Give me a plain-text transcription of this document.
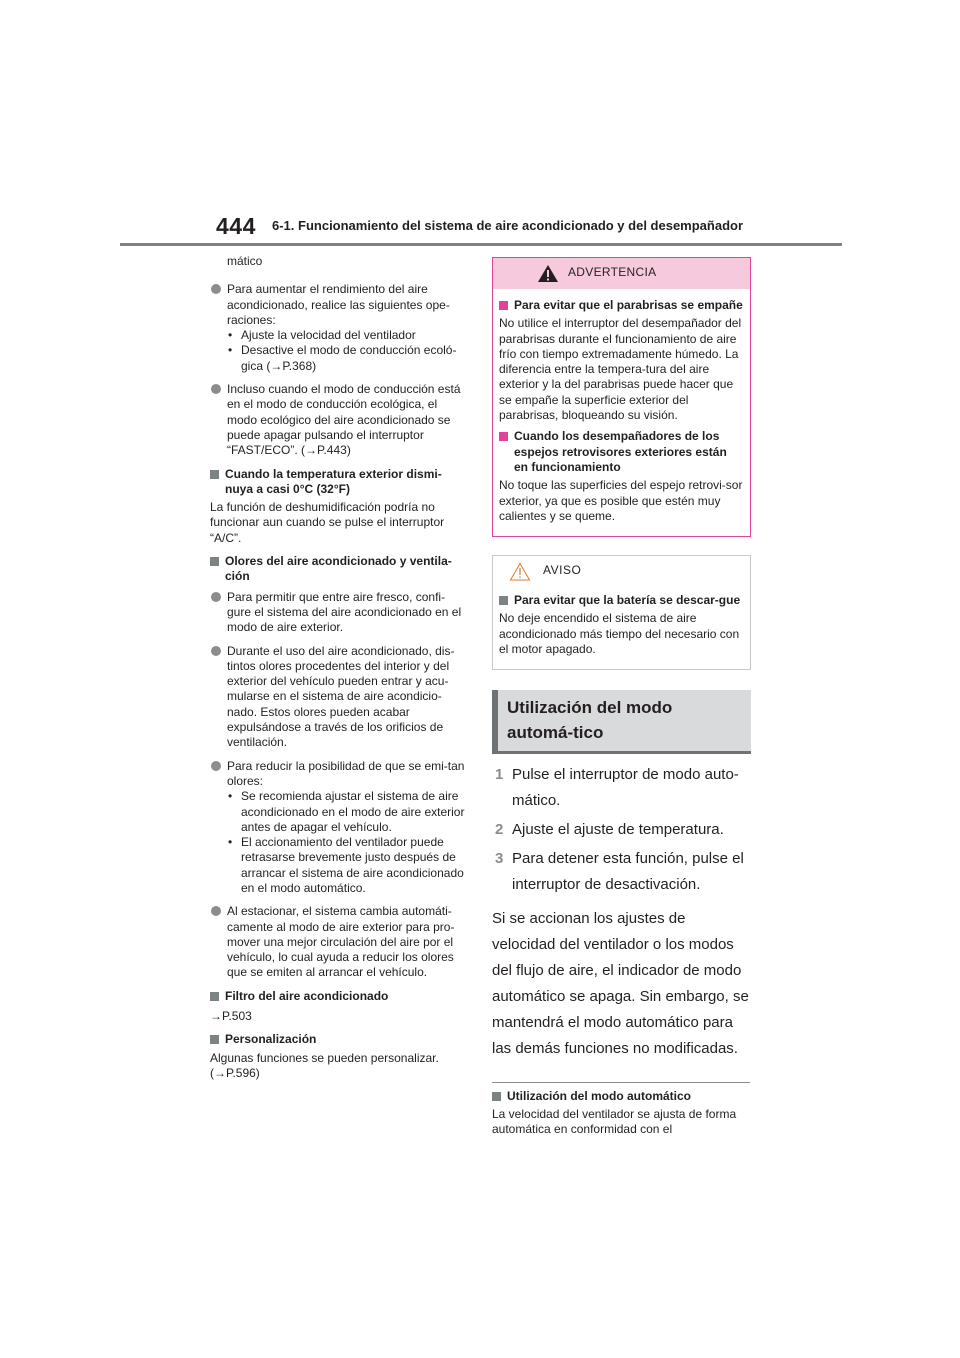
444 6-1. Funcionamiento del sistema de aire acondicionado y del desempañador
mático
Para aumentar el rendimiento del aire acondicionado, realice las siguientes ope-raciones:
• Ajuste la velocidad del ventilador
• Desactive el modo de conducción ecoló-gica (→P.368)
Incluso cuando el modo de conducción está en el modo de conducción ecológica, el modo ecológico del aire acondicionado se puede apagar pulsando el interruptor “FAST/ECO”. (→P.443)
Cuando la temperatura exterior dismi-nuya a casi 0°C (32°F)
La función de deshumidificación podría no funcionar aun cuando se pulse el interruptor “A/C”.
Olores del aire acondicionado y ventila-ción
Para permitir que entre aire fresco, confi-gure el sistema del aire acondicionado en el modo de aire exterior.
Durante el uso del aire acondicionado, dis-tintos olores procedentes del interior y del exterior del vehículo pueden entrar y acu-mularse en el sistema de aire acondicio-nado. Estos olores pueden acabar expulsándose a través de los orificios de ventilación.
Para reducir la posibilidad de que se emi-tan olores:
• Se recomienda ajustar el sistema de aire acondicionado en el modo de aire exterior antes de apagar el vehículo.
• El accionamiento del ventilador puede retrasarse brevemente justo después de arrancar el sistema de aire acondicionado en el modo automático.
Al estacionar, el sistema cambia automáti-camente al modo de aire exterior para pro-mover una mejor circulación del aire por el vehículo, lo cual ayuda a reducir los olores que se emiten al arrancar el vehículo.
Filtro del aire acondicionado
→P.503
Personalización
Algunas funciones se pueden personalizar. (→P.596)
ADVERTENCIA
Para evitar que el parabrisas se empañe
No utilice el interruptor del desempañador del parabrisas durante el funcionamiento de aire frío con tiempo extremadamente húmedo. La diferencia entre la tempera-tura del aire exterior y la del parabrisas puede hacer que se empañe la superficie exterior del parabrisas, bloqueando su visión.
Cuando los desempañadores de los espejos retrovisores exteriores están en funcionamiento
No toque las superficies del espejo retrovi-sor exterior, ya que es posible que estén muy calientes y se queme.
AVISO
Para evitar que la batería se descar-gue
No deje encendido el sistema de aire acondicionado más tiempo del necesario con el motor apagado.
Utilización del modo automá-tico
1 Pulse el interruptor de modo auto-mático.
2 Ajuste el ajuste de temperatura.
3 Para detener esta función, pulse el interruptor de desactivación.
Si se accionan los ajustes de velocidad del ventilador o los modos del flujo de aire, el indicador de modo automático se apaga. Sin embargo, se mantendrá el modo automático para las demás funciones no modificadas.
Utilización del modo automático
La velocidad del ventilador se ajusta de forma automática en conformidad con el
